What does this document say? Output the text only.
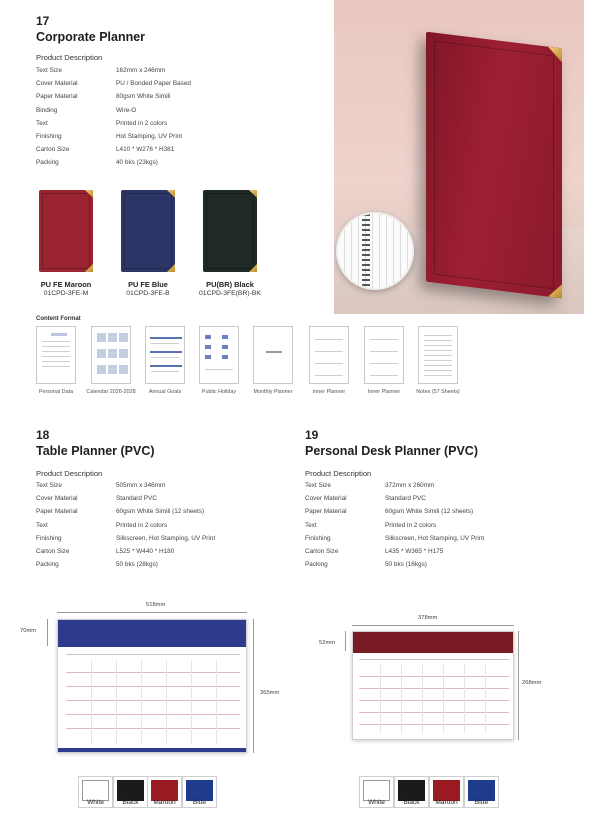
17
Corporate Planner
Product Description
Text Size	162mm x 246mm
Cover Material	PU / Bonded Paper Based
Paper Material	80gsm White Simili
Binding	Wire-O
Text	Printed in 2 colors
Finishing	Hot Stamping, UV Print
Carton Size	L410 * W276 * H381
Packing	40 bks (23kgs)
PU FE Maroon
01CPD-3FE-M
PU FE Blue
01CPD-3FE-B
PU(BR) Black
01CPD-3FE(BR)-BK
Content Format
Personal Data	Calendar 2026-2028	Annual Goals	Public Holiday	Monthly Planner	Inner Planner	Inner Planner	Notes (57 Sheets)
18
Table Planner (PVC)
Product Description
Text Size	505mm x 346mm
Cover Material	Standard PVC
Paper Material	60gsm White Simili (12 sheets)
Text	Printed in 2 colors
Finishing	Silkscreen, Hot Stamping, UV Print
Carton Size	L525 * W440 * H180
Packing	50 bks (28kgs)
518mm
70mm
365mm
White	Black	Maroon	Blue
19
Personal Desk Planner (PVC)
Product Description
Text Size	372mm x 260mm
Cover Material	Standard PVC
Paper Material	60gsm White Simili (12 sheets)
Text	Printed in 2 colors
Finishing	Silkscreen, Hot Stamping, UV Print
Carton Size	L435 * W365 * H175
Packing	50 bks (16kgs)
378mm
52mm
268mm
White	Black	Maroon	Blue
